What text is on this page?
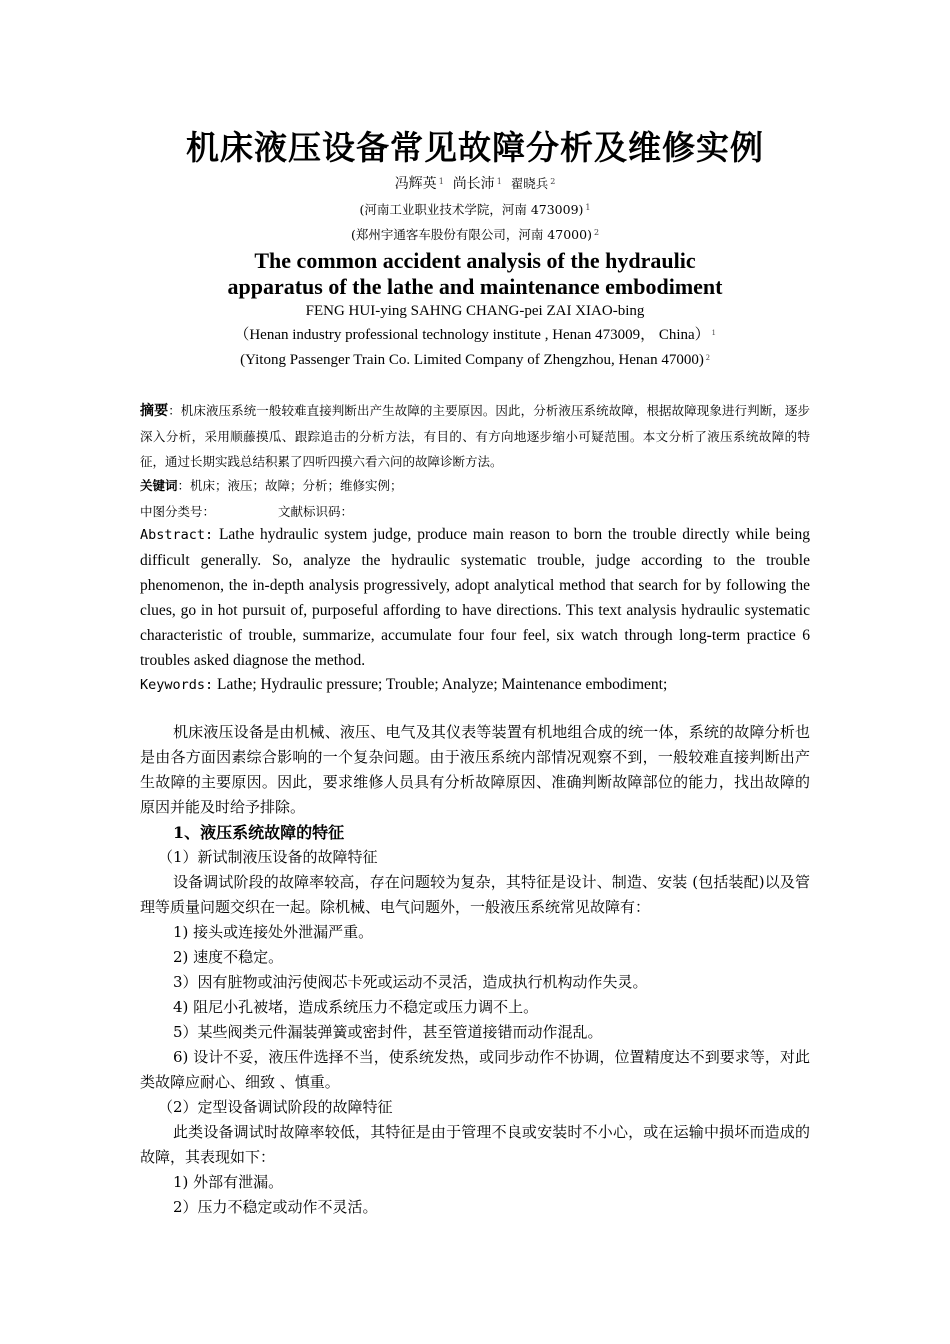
机床液压设备常见故障分析及维修实例
冯辉英 $^1$ 尚长沛 $^1$ 翟晓兵 $^2$
(河南工业职业技术学院，河南 473009) $^1$
(郑州宇通客车股份有限公司，河南 47000) $^2$
The common accident analysis of the hydraulic
apparatus of the lathe and maintenance embodiment
FENG HUI-ying SAHNG CHANG-pei ZAI XIAO-bing
（Henan industry professional technology institute , Henan 473009， China） $^1$
(Yitong Passenger Train Co. Limited Company of Zhengzhou, Henan 47000) $^2$
摘要：机床液压系统一般较难直接判断出产生故障的主要原因。因此，分析液压系统故障，根据故障现象进行判断，逐步深入分析，采用顺藤摸瓜、跟踪追击的分析方法，有目的、有方向地逐步缩小可疑范围。本文分析了液压系统故障的特征，通过长期实践总结积累了四听四摸六看六问的故障诊断方法。
关键词：机床；液压；故障；分析；维修实例；
中图分类号：	文献标识码：
Abstract: Lathe hydraulic system judge, produce main reason to born the trouble directly while being difficult generally. So, analyze the hydraulic systematic trouble, judge according to the trouble phenomenon, the in-depth analysis progressively, adopt analytical method that search for by following the clues, go in hot pursuit of, purposeful affording to have directions. This text analysis hydraulic systematic characteristic of trouble, summarize, accumulate four four feel, six watch through long-term practice 6 troubles asked diagnose the method.
Keywords: Lathe; Hydraulic pressure; Trouble; Analyze; Maintenance embodiment;

机床液压设备是由机械、液压、电气及其仪表等装置有机地组合成的统一体，系统的故障分析也是由各方面因素综合影响的一个复杂问题。由于液压系统内部情况观察不到，一般较难直接判断出产生故障的主要原因。因此，要求维修人员具有分析故障原因、准确判断故障部位的能力，找出故障的原因并能及时给予排除。

1、液压系统故障的特征

（1）新试制液压设备的故障特征

设备调试阶段的故障率较高，存在问题较为复杂，其特征是设计、制造、安装 (包括装配)以及管理等质量问题交织在一起。除机械、电气问题外，一般液压系统常见故障有：

1) 接头或连接处外泄漏严重。

2) 速度不稳定。

3）因有脏物或油污使阀芯卡死或运动不灵活，造成执行机构动作失灵。

4) 阻尼小孔被堵，造成系统压力不稳定或压力调不上。

5）某些阀类元件漏装弹簧或密封件，甚至管道接错而动作混乱。

6) 设计不妥，液压件选择不当，使系统发热，或同步动作不协调，位置精度达不到要求等，对此类故障应耐心、细致 、慎重。

（2）定型设备调试阶段的故障特征

此类设备调试时故障率较低，其特征是由于管理不良或安装时不小心，或在运输中损坏而造成的故障，其表现如下：

1) 外部有泄漏。

2）压力不稳定或动作不灵活。
